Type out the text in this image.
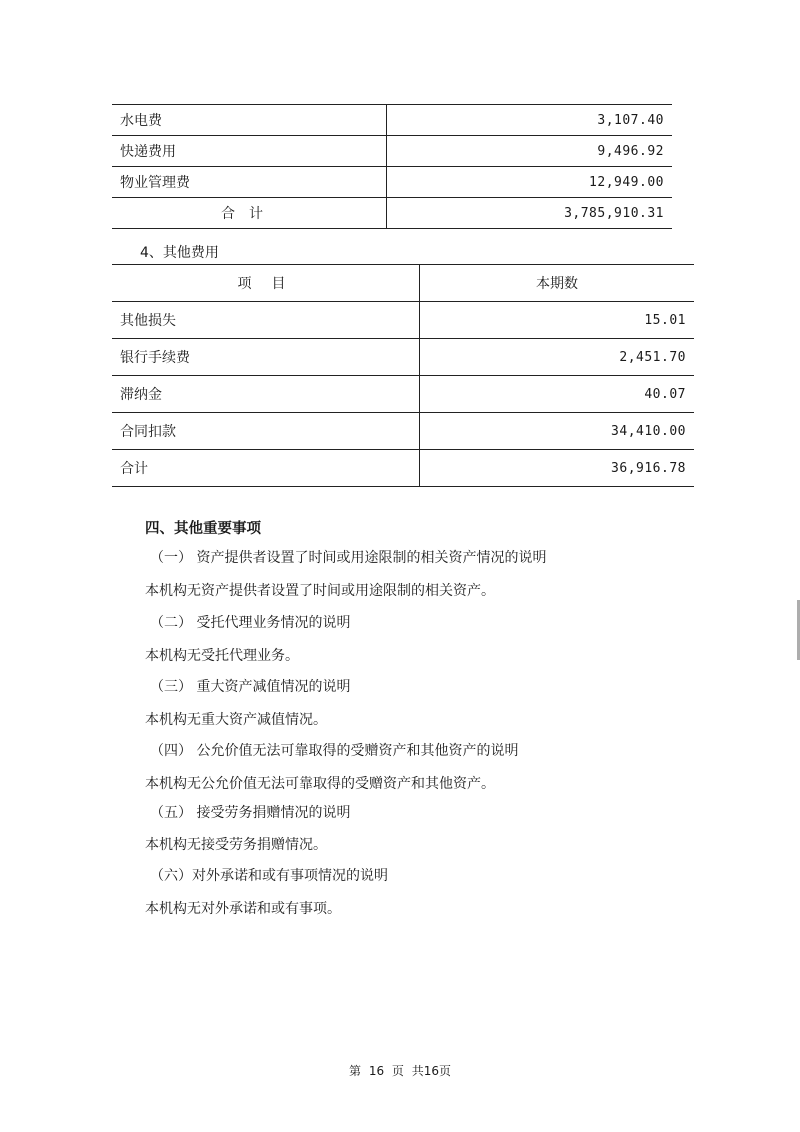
水电费	3,107.40
快递费用	9,496.92
物业管理费	12,949.00
合计	3,785,910.31
4、其他费用
项目	本期数
其他损失	15.01
银行手续费	2,451.70
滞纳金	40.07
合同扣款	34,410.00
合计	36,916.78
四、其他重要事项
（一） 资产提供者设置了时间或用途限制的相关资产情况的说明
本机构无资产提供者设置了时间或用途限制的相关资产。
（二） 受托代理业务情况的说明
本机构无受托代理业务。
（三） 重大资产减值情况的说明
本机构无重大资产减值情况。
（四） 公允价值无法可靠取得的受赠资产和其他资产的说明
本机构无公允价值无法可靠取得的受赠资产和其他资产。
（五） 接受劳务捐赠情况的说明
本机构无接受劳务捐赠情况。
（六）对外承诺和或有事项情况的说明
本机构无对外承诺和或有事项。
第 16 页 共16页
